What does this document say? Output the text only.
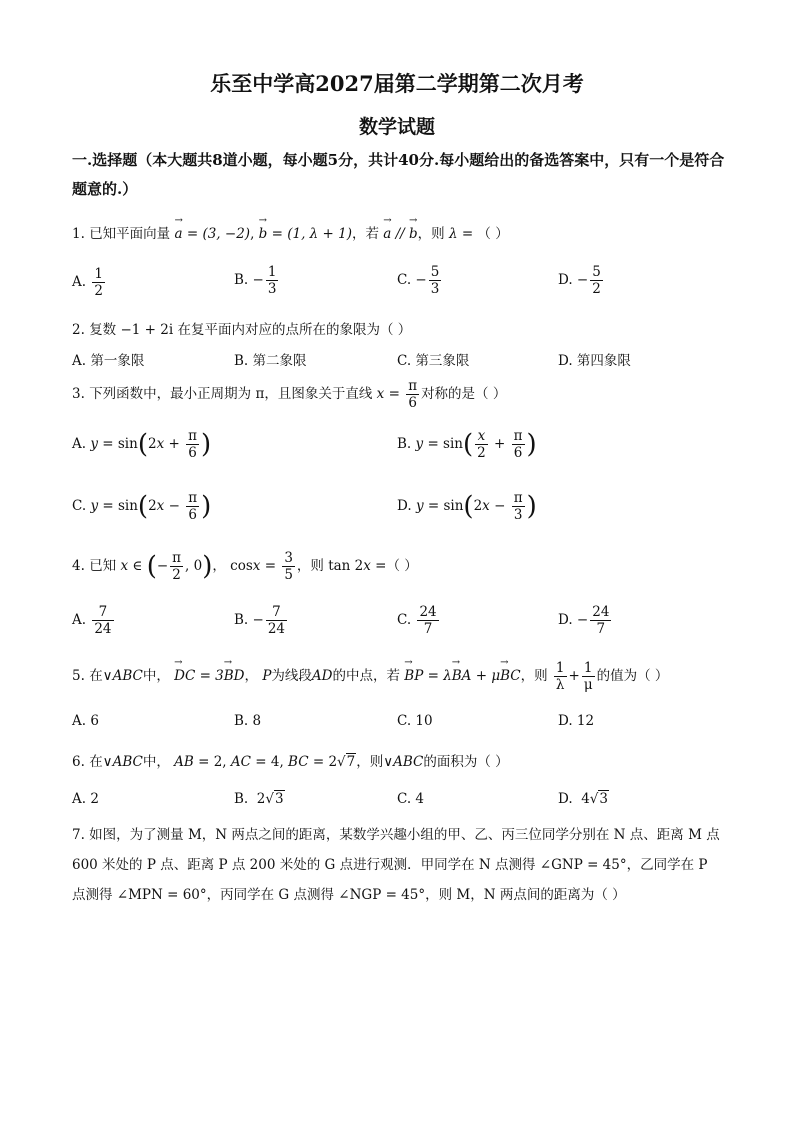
乐至中学高2027届第二学期第二次月考
数学试题
一.选择题（本大题共8道小题，每小题5分，共计40分.每小题给出的备选答案中，只有一个是符合题意的.）
1. 已知平面向量 → a = (3, −2), → b = (1, λ + 1)，若 → a // → b，则 λ = （ ）
A. $\frac{1}{2}$	B. − $\frac{1}{3}$	C. − $\frac{5}{3}$	D. − $\frac{5}{2}$
2. 复数 −1 + 2i 在复平面内对应的点所在的象限为（ ）
A. 第一象限	B. 第二象限	C. 第三象限	D. 第四象限
3. 下列函数中，最小正周期为 π，且图象关于直线 $x = \frac{\pi}{6}$ 对称的是（ ）
A. $y = \sin(2x + \frac{\pi}{6}$ )	B. $y = \sin( \frac{x}{2} + \frac{\pi}{6}$ )
C. $y = \sin(2x - \frac{\pi}{6}$ )	D. $y = \sin(2x - \frac{\pi}{3}$ )
4. 已知 x ∈ (− $\frac{\pi}{2}$ , 0)， $\cos x = \frac{3}{5}$ ，则 tan 2x =（ ）
A. $\frac{7}{24}$	B. − $\frac{7}{24}$	C. $\frac{24}{7}$	D. − $\frac{24}{7}$
5. 在∨ABC中， → DC = 3→ BD， P为线段AD的中点，若 → BP = λ→ BA + μ→ BC，则 $\frac{1}{\lambda} + \frac{1}{\mu}$ 的值为（ ）
A. 6	B. 8	C. 10	D. 12
6. 在∨ABC中， AB = 2, AC = 4, BC = 2√7，则∨ABC的面积为（ ）
A. 2	B.  2√3	C. 4	D.  4√3
7. 如图，为了测量 M，N 两点之间的距离，某数学兴趣小组的甲、乙、丙三位同学分别在 N 点、距离 M 点 600 米处的 P 点、距离 P 点 200 米处的 G 点进行观测．甲同学在 N 点测得 ∠GNP = 45°，乙同学在 P 点测得 ∠MPN = 60°，丙同学在 G 点测得 ∠NGP = 45°，则 M，N 两点间的距离为（ ）
